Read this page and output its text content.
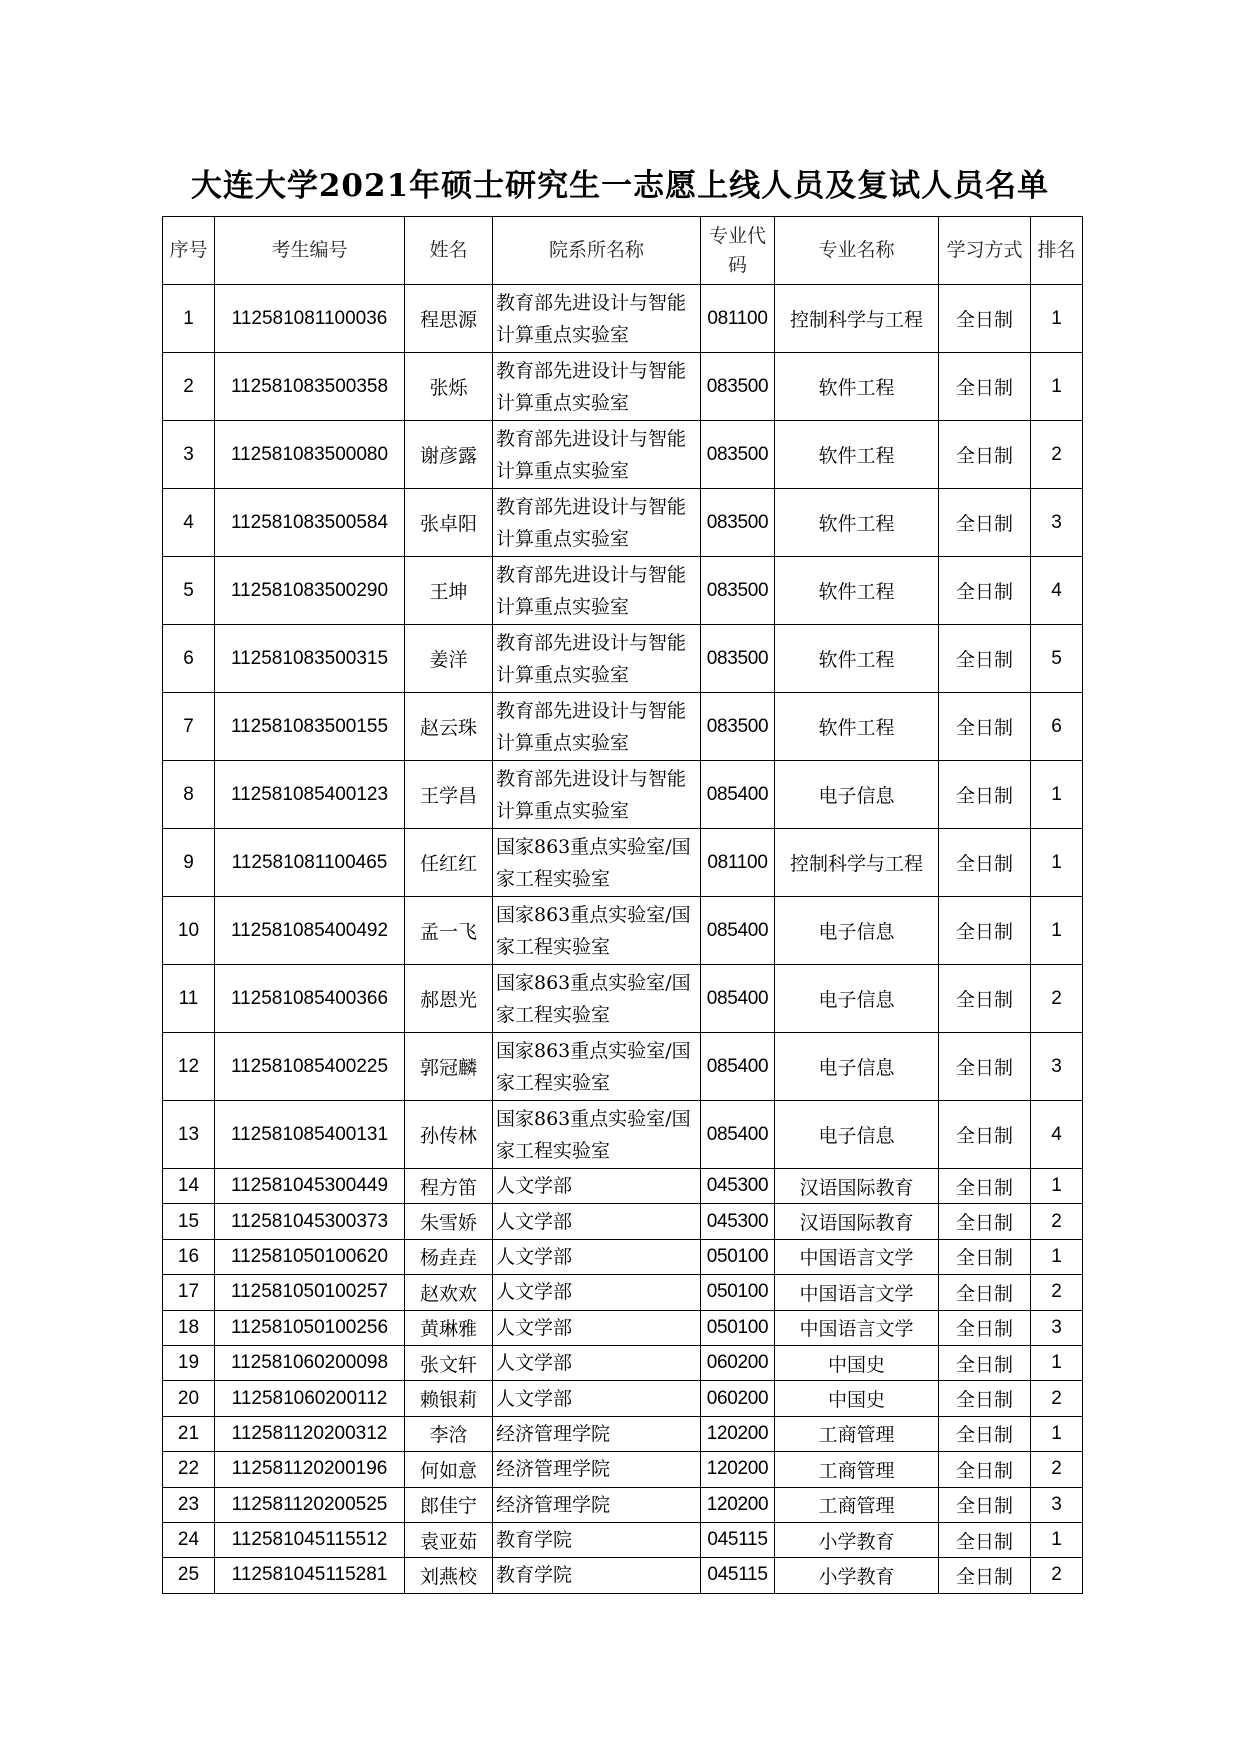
大连大学2021年硕士研究生一志愿上线人员及复试人员名单
序号	考生编号	姓名	院系所名称	专业代码	专业名称	学习方式	排名
1	112581081100036	程思源	教育部先进设计与智能计算重点实验室	081100	控制科学与工程	全日制	1
2	112581083500358	张烁	教育部先进设计与智能计算重点实验室	083500	软件工程	全日制	1
3	112581083500080	谢彦露	教育部先进设计与智能计算重点实验室	083500	软件工程	全日制	2
4	112581083500584	张卓阳	教育部先进设计与智能计算重点实验室	083500	软件工程	全日制	3
5	112581083500290	王坤	教育部先进设计与智能计算重点实验室	083500	软件工程	全日制	4
6	112581083500315	姜洋	教育部先进设计与智能计算重点实验室	083500	软件工程	全日制	5
7	112581083500155	赵云珠	教育部先进设计与智能计算重点实验室	083500	软件工程	全日制	6
8	112581085400123	王学昌	教育部先进设计与智能计算重点实验室	085400	电子信息	全日制	1
9	112581081100465	任红红	国家863重点实验室/国家工程实验室	081100	控制科学与工程	全日制	1
10	112581085400492	孟一飞	国家863重点实验室/国家工程实验室	085400	电子信息	全日制	1
11	112581085400366	郝恩光	国家863重点实验室/国家工程实验室	085400	电子信息	全日制	2
12	112581085400225	郭冠麟	国家863重点实验室/国家工程实验室	085400	电子信息	全日制	3
13	112581085400131	孙传林	国家863重点实验室/国家工程实验室	085400	电子信息	全日制	4
14	112581045300449	程方笛	人文学部	045300	汉语国际教育	全日制	1
15	112581045300373	朱雪娇	人文学部	045300	汉语国际教育	全日制	2
16	112581050100620	杨垚垚	人文学部	050100	中国语言文学	全日制	1
17	112581050100257	赵欢欢	人文学部	050100	中国语言文学	全日制	2
18	112581050100256	黄琳雅	人文学部	050100	中国语言文学	全日制	3
19	112581060200098	张文轩	人文学部	060200	中国史	全日制	1
20	112581060200112	赖银莉	人文学部	060200	中国史	全日制	2
21	112581120200312	李浛	经济管理学院	120200	工商管理	全日制	1
22	112581120200196	何如意	经济管理学院	120200	工商管理	全日制	2
23	112581120200525	郎佳宁	经济管理学院	120200	工商管理	全日制	3
24	112581045115512	袁亚茹	教育学院	045115	小学教育	全日制	1
25	112581045115281	刘燕校	教育学院	045115	小学教育	全日制	2
